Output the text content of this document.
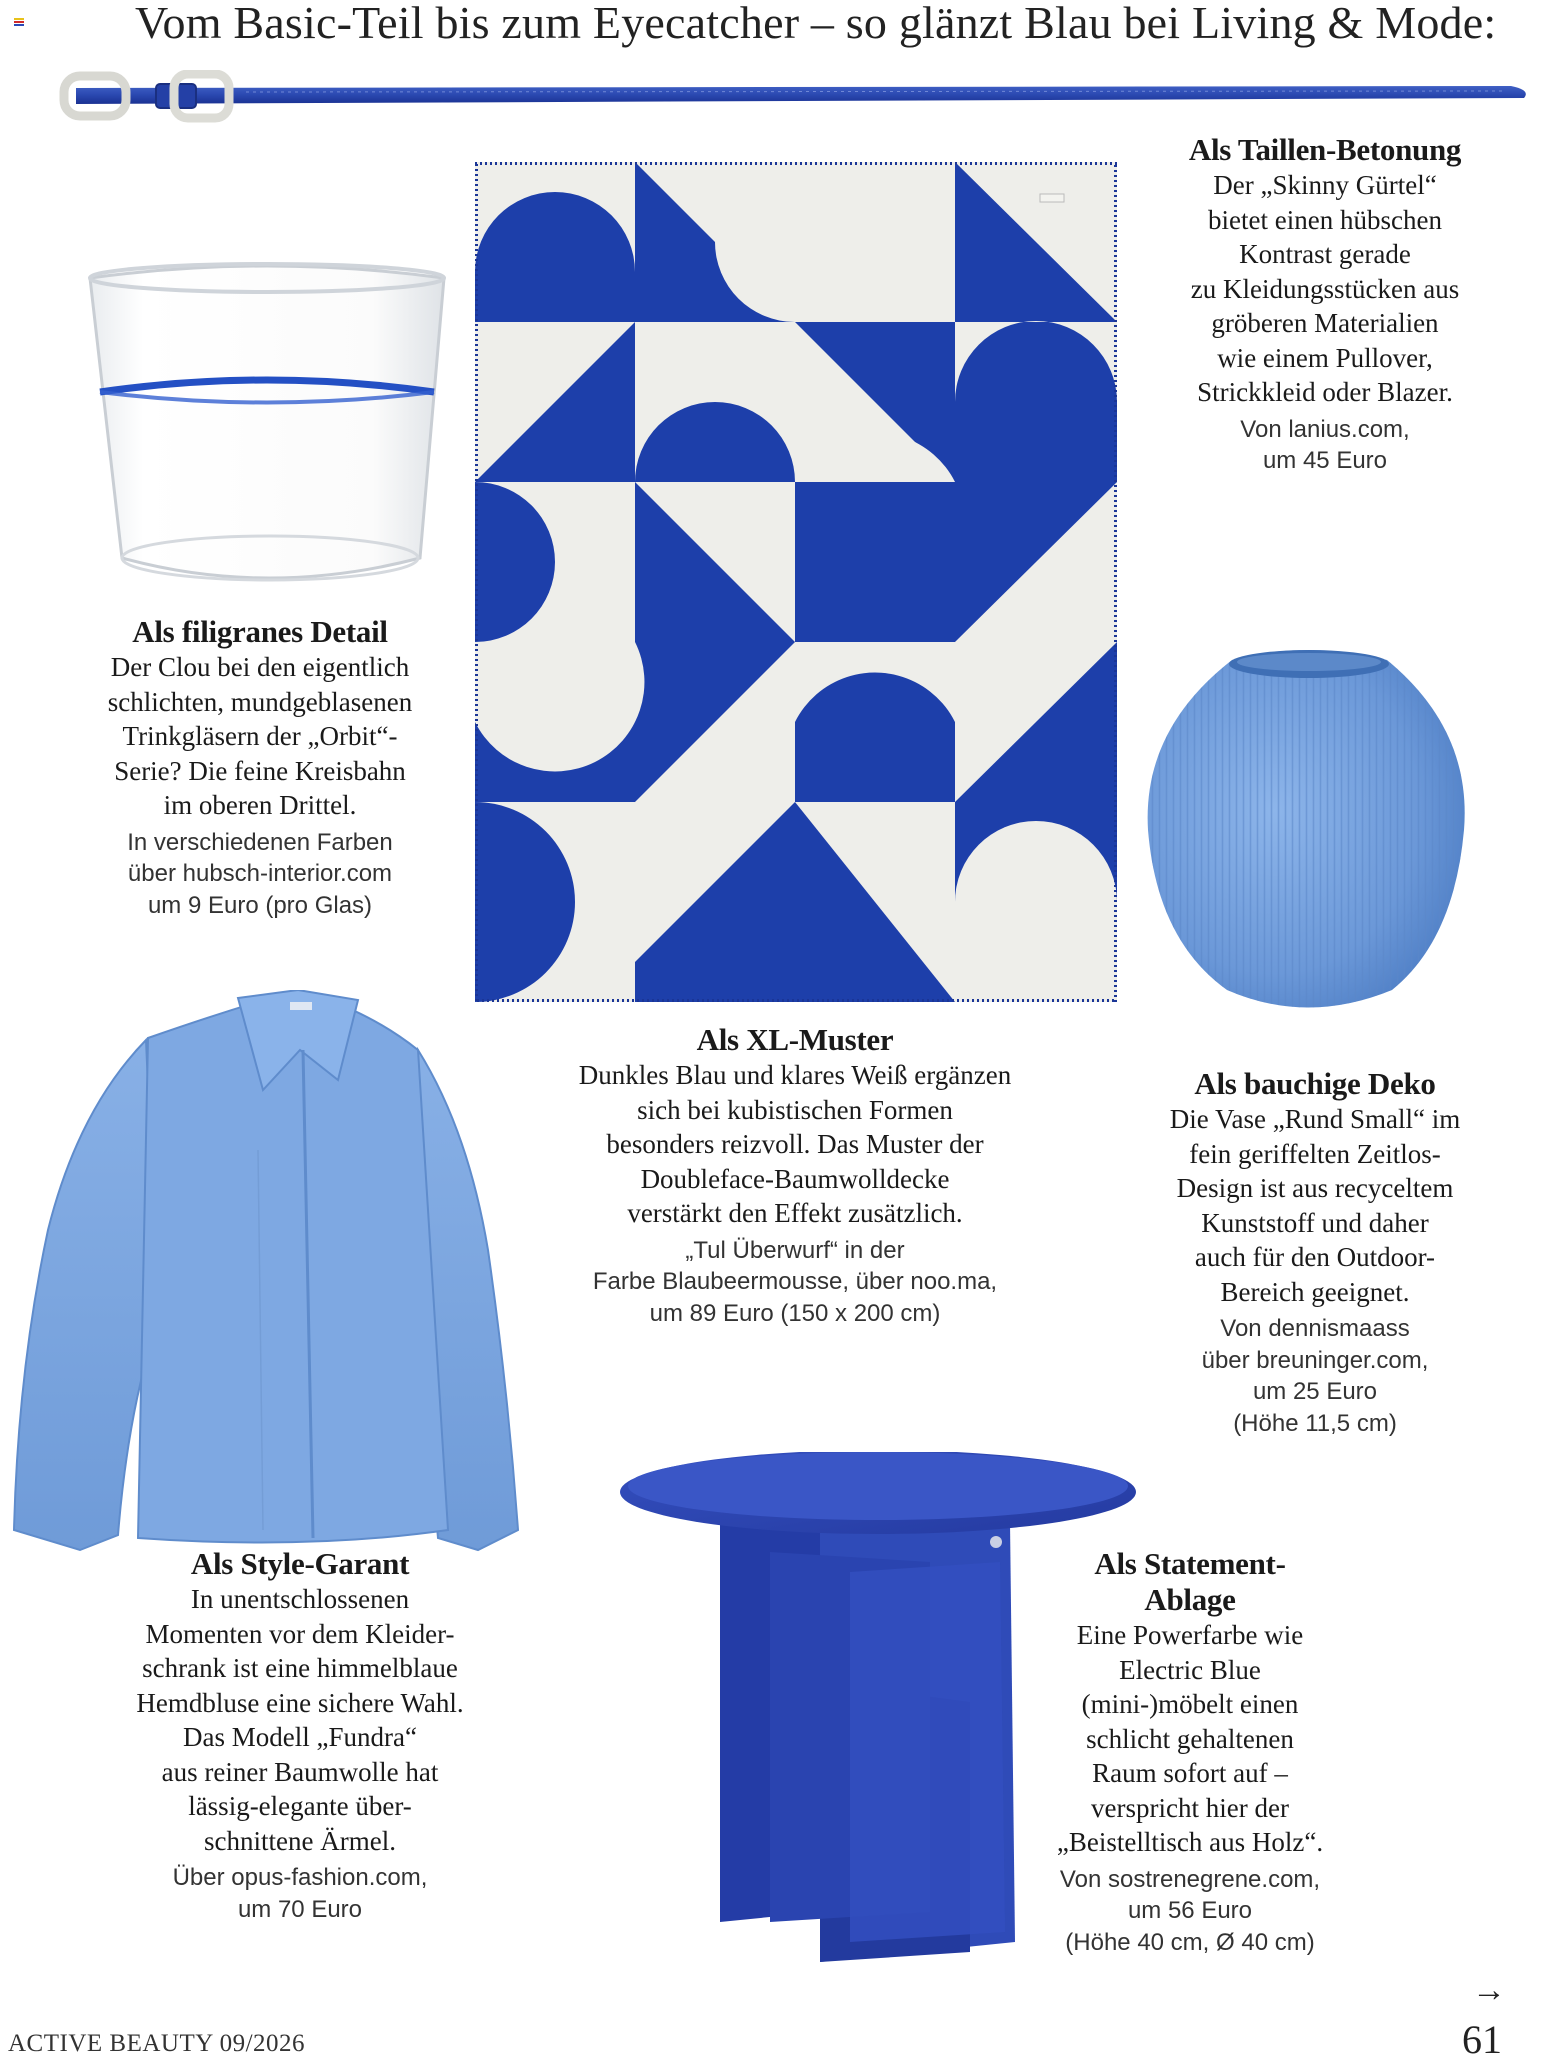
Vom Basic-Teil bis zum Eyecatcher – so glänzt Blau bei Living & Mode:
Als Taillen-Betonung
Der „Skinny Gürtel“
bietet einen hübschen
Kontrast gerade
zu Kleidungsstücken aus
gröberen Materialien
wie einem Pullover,
Strickkleid oder Blazer.
Von lanius.com,
um 45 Euro
Als filigranes Detail
Der Clou bei den eigentlich
schlichten, mundgeblasenen
Trinkgläsern der „Orbit“-
Serie? Die feine Kreisbahn
im oberen Drittel.
In verschiedenen Farben
über hubsch-interior.com
um 9 Euro (pro Glas)
Als XL-Muster
Dunkles Blau und klares Weiß ergänzen
sich bei kubistischen Formen
besonders reizvoll. Das Muster der
Doubleface-Baumwolldecke
verstärkt den Effekt zusätzlich.
„Tul Überwurf“ in der
Farbe Blaubeermousse, über noo.ma,
um 89 Euro (150 x 200 cm)
Als bauchige Deko
Die Vase „Rund Small“ im
fein geriffelten Zeitlos-
Design ist aus recyceltem
Kunststoff und daher
auch für den Outdoor-
Bereich geeignet.
Von dennismaass
über breuninger.com,
um 25 Euro
(Höhe 11,5 cm)
Als Style-Garant
In unentschlossenen
Momenten vor dem Kleider-
schrank ist eine himmelblaue
Hemdbluse eine sichere Wahl.
Das Modell „Fundra“
aus reiner Baumwolle hat
lässig-elegante über-
schnittene Ärmel.
Über opus-fashion.com,
um 70 Euro
Als Statement-
Ablage
Eine Powerfarbe wie
Electric Blue
(mini-)möbelt einen
schlicht gehaltenen
Raum sofort auf –
verspricht hier der
„Beistelltisch aus Holz“.
Von sostrenegrene.com,
um 56 Euro
(Höhe 40 cm, Ø 40 cm)
ACTIVE BEAUTY 09/2026
→
61
